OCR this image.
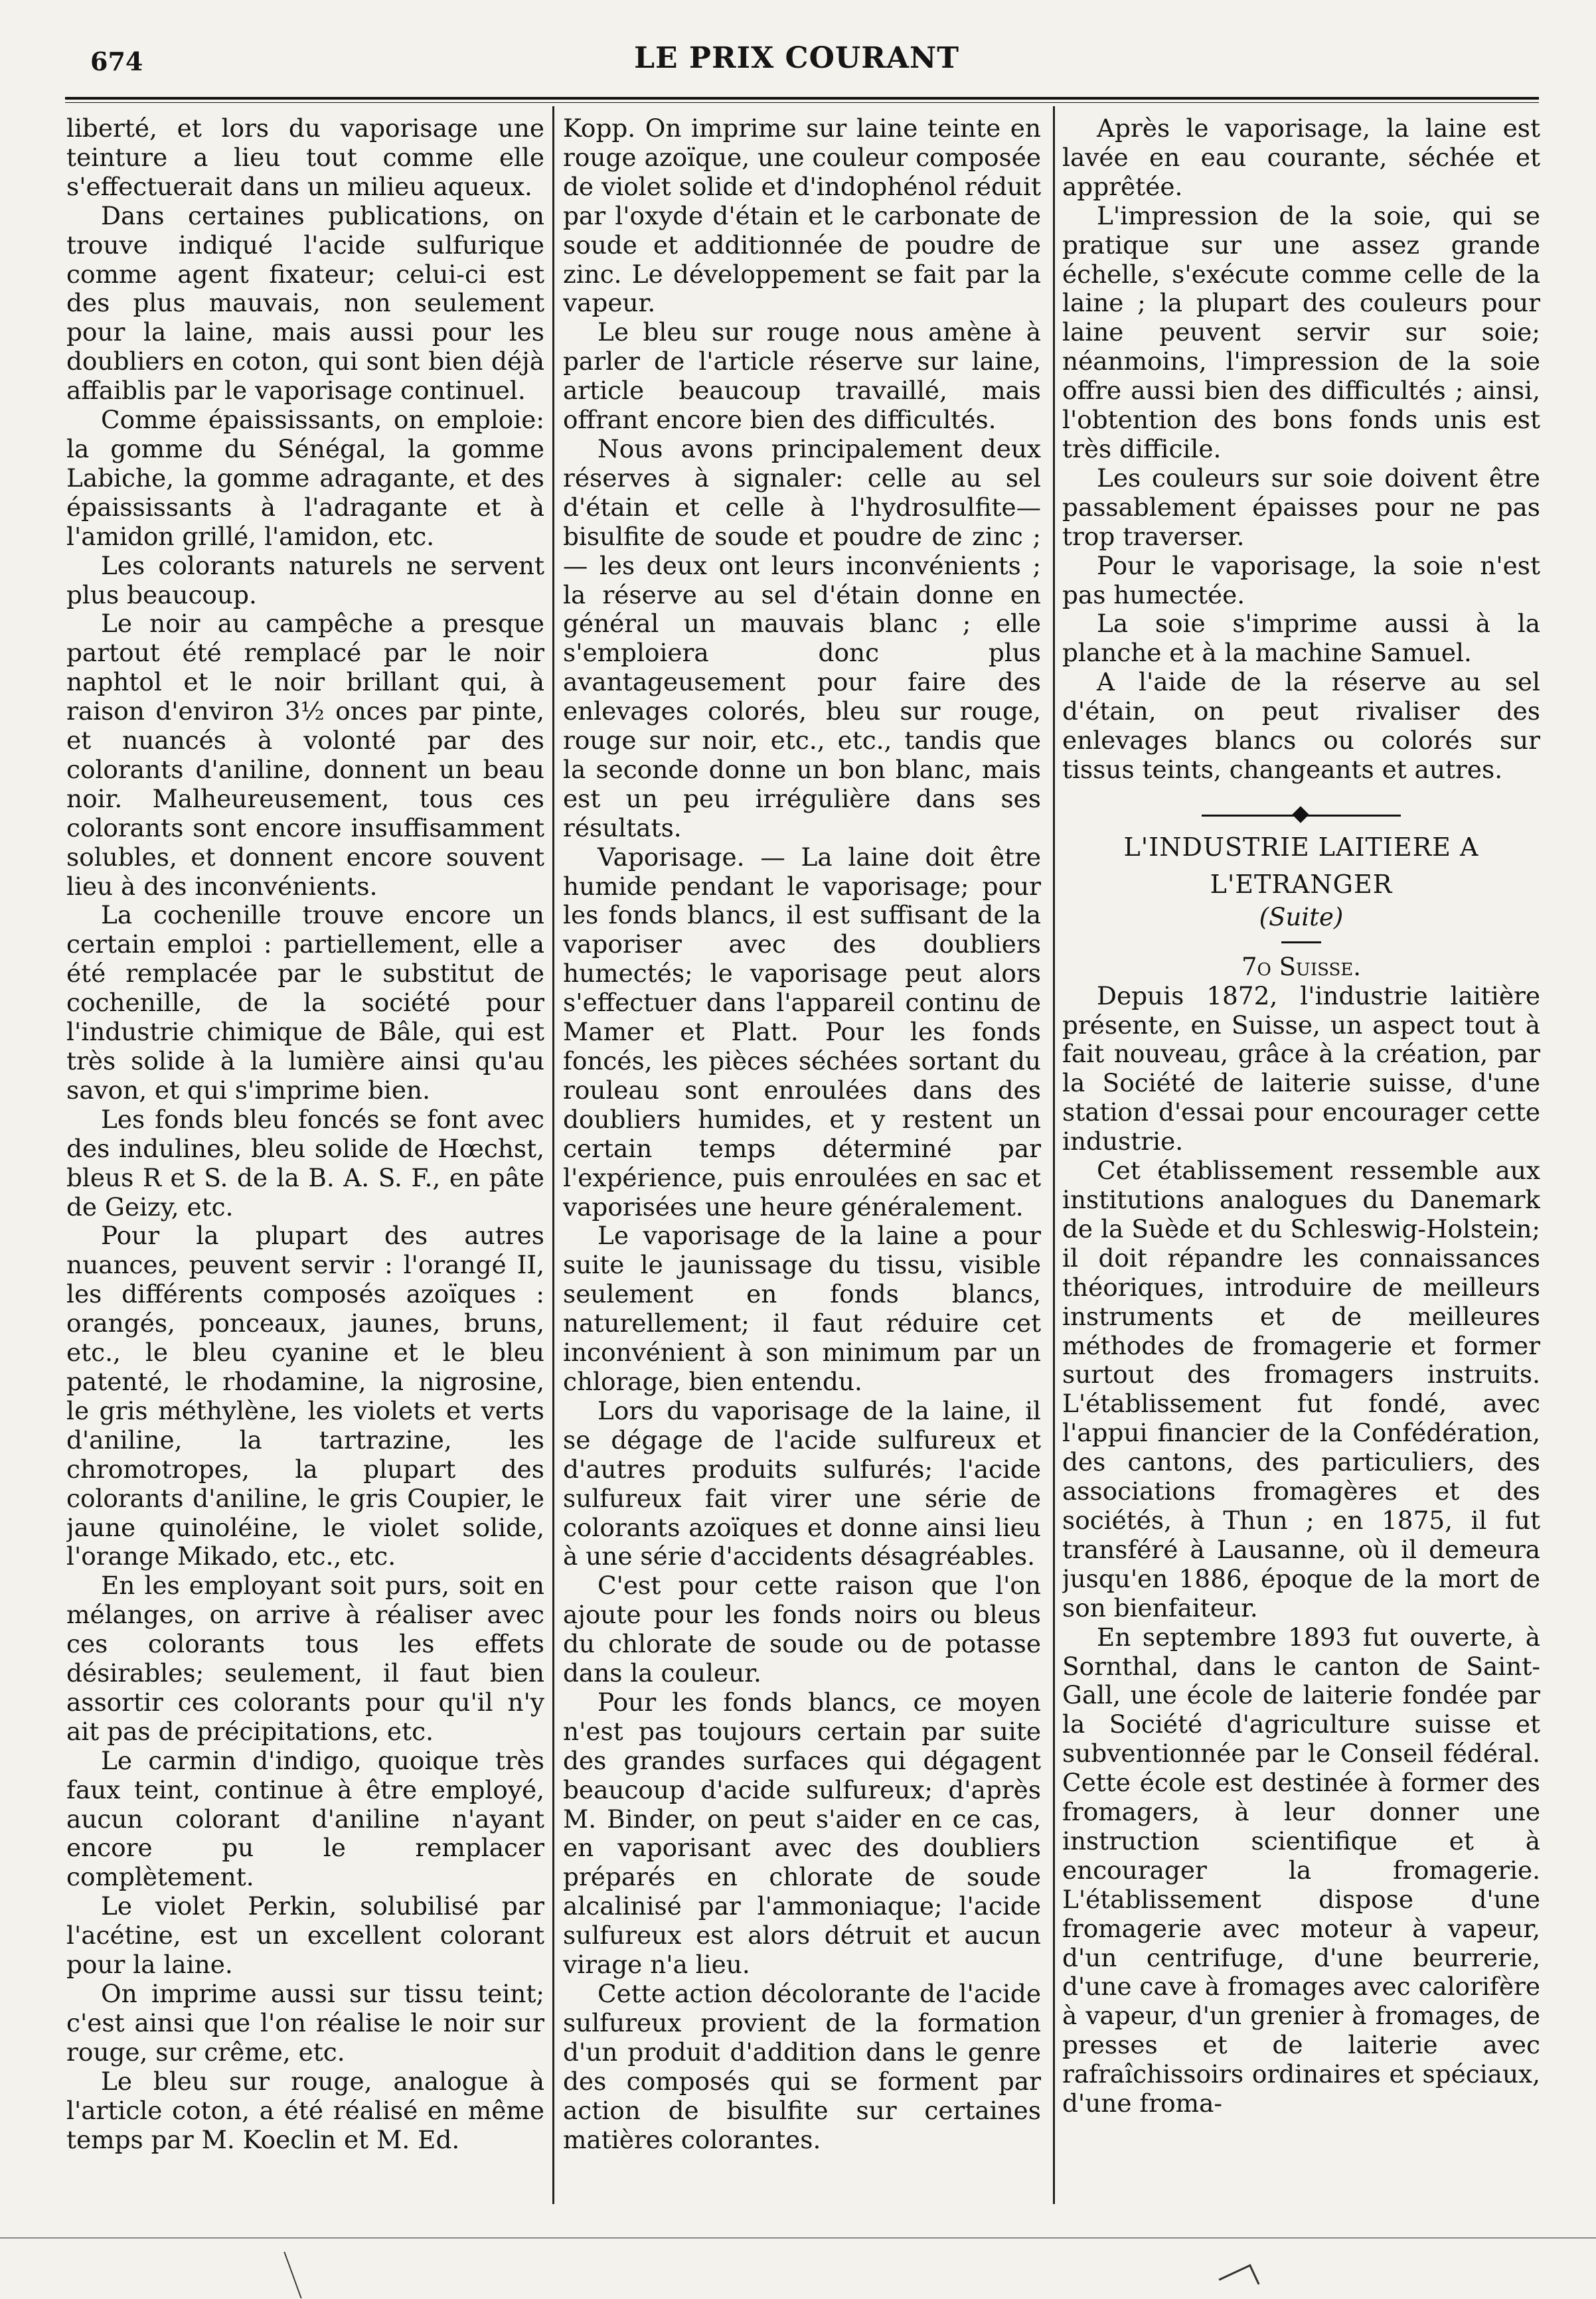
674	LE PRIX COURANT

liberté, et lors du vaporisage une teinture a lieu tout comme elle s'effectuerait dans un milieu aqueux.

Dans certaines publications, on trouve indiqué l'acide sulfurique comme agent fixateur; celui-ci est des plus mauvais, non seulement pour la laine, mais aussi pour les doubliers en coton, qui sont bien déjà affaiblis par le vaporisage continuel.

Comme épaississants, on emploie: la gomme du Sénégal, la gomme Labiche, la gomme adragante, et des épaississants à l'adragante et à l'amidon grillé, l'amidon, etc.

Les colorants naturels ne servent plus beaucoup.

Le noir au campêche a presque partout été remplacé par le noir naphtol et le noir brillant qui, à raison d'environ 3½ onces par pinte, et nuancés à volonté par des colorants d'aniline, donnent un beau noir. Malheureusement, tous ces colorants sont encore insuffisamment solubles, et donnent encore souvent lieu à des inconvénients.

La cochenille trouve encore un certain emploi : partiellement, elle a été remplacée par le substitut de cochenille, de la société pour l'industrie chimique de Bâle, qui est très solide à la lumière ainsi qu'au savon, et qui s'imprime bien.

Les fonds bleu foncés se font avec des indulines, bleu solide de Hœchst, bleus R et S. de la B. A. S. F., en pâte de Geizy, etc.

Pour la plupart des autres nuances, peuvent servir : l'orangé II, les différents composés azoïques : orangés, ponceaux, jaunes, bruns, etc., le bleu cyanine et le bleu patenté, le rhodamine, la nigrosine, le gris méthylène, les violets et verts d'aniline, la tartrazine, les chromotropes, la plupart des colorants d'aniline, le gris Coupier, le jaune quinoléine, le violet solide, l'orange Mikado, etc., etc.

En les employant soit purs, soit en mélanges, on arrive à réaliser avec ces colorants tous les effets désirables; seulement, il faut bien assortir ces colorants pour qu'il n'y ait pas de précipitations, etc.

Le carmin d'indigo, quoique très faux teint, continue à être employé, aucun colorant d'aniline n'ayant encore pu le remplacer complètement.

Le violet Perkin, solubilisé par l'acétine, est un excellent colorant pour la laine.

On imprime aussi sur tissu teint; c'est ainsi que l'on réalise le noir sur rouge, sur crême, etc.

Le bleu sur rouge, analogue à l'article coton, a été réalisé en même temps par M. Koeclin et M. Ed.

Kopp. On imprime sur laine teinte en rouge azoïque, une couleur composée de violet solide et d'indophénol réduit par l'oxyde d'étain et le carbonate de soude et additionnée de poudre de zinc. Le développement se fait par la vapeur.

Le bleu sur rouge nous amène à parler de l'article réserve sur laine, article beaucoup travaillé, mais offrant encore bien des difficultés.

Nous avons principalement deux réserves à signaler: celle au sel d'étain et celle à l'hydrosulfite—bisulfite de soude et poudre de zinc ;— les deux ont leurs inconvénients ; la réserve au sel d'étain donne en général un mauvais blanc ; elle s'emploiera donc plus avantageusement pour faire des enlevages colorés, bleu sur rouge, rouge sur noir, etc., etc., tandis que la seconde donne un bon blanc, mais est un peu irrégulière dans ses résultats.

Vaporisage. — La laine doit être humide pendant le vaporisage; pour les fonds blancs, il est suffisant de la vaporiser avec des doubliers humectés; le vaporisage peut alors s'effectuer dans l'appareil continu de Mamer et Platt. Pour les fonds foncés, les pièces séchées sortant du rouleau sont enroulées dans des doubliers humides, et y restent un certain temps déterminé par l'expérience, puis enroulées en sac et vaporisées une heure généralement.

Le vaporisage de la laine a pour suite le jaunissage du tissu, visible seulement en fonds blancs, naturellement; il faut réduire cet inconvénient à son minimum par un chlorage, bien entendu.

Lors du vaporisage de la laine, il se dégage de l'acide sulfureux et d'autres produits sulfurés; l'acide sulfureux fait virer une série de colorants azoïques et donne ainsi lieu à une série d'accidents désagréables.

C'est pour cette raison que l'on ajoute pour les fonds noirs ou bleus du chlorate de soude ou de potasse dans la couleur.

Pour les fonds blancs, ce moyen n'est pas toujours certain par suite des grandes surfaces qui dégagent beaucoup d'acide sulfureux; d'après M. Binder, on peut s'aider en ce cas, en vaporisant avec des doubliers préparés en chlorate de soude alcalinisé par l'ammoniaque; l'acide sulfureux est alors détruit et aucun virage n'a lieu.

Cette action décolorante de l'acide sulfureux provient de la formation d'un produit d'addition dans le genre des composés qui se forment par action de bisulfite sur certaines matières colorantes.

Après le vaporisage, la laine est lavée en eau courante, séchée et apprêtée.

L'impression de la soie, qui se pratique sur une assez grande échelle, s'exécute comme celle de la laine ; la plupart des couleurs pour laine peuvent servir sur soie; néanmoins, l'impression de la soie offre aussi bien des difficultés ; ainsi, l'obtention des bons fonds unis est très difficile.

Les couleurs sur soie doivent être passablement épaisses pour ne pas trop traverser.

Pour le vaporisage, la soie n'est pas humectée.

La soie s'imprime aussi à la planche et à la machine Samuel.

A l'aide de la réserve au sel d'étain, on peut rivaliser des enlevages blancs ou colorés sur tissus teints, changeants et autres.

L'INDUSTRIE LAITIERE A L'ETRANGER

(Suite)

7o Suisse.

Depuis 1872, l'industrie laitière présente, en Suisse, un aspect tout à fait nouveau, grâce à la création, par la Société de laiterie suisse, d'une station d'essai pour encourager cette industrie.

Cet établissement ressemble aux institutions analogues du Danemark de la Suède et du Schleswig-Holstein; il doit répandre les connaissances théoriques, introduire de meilleurs instruments et de meilleures méthodes de fromagerie et former surtout des fromagers instruits. L'établissement fut fondé, avec l'appui financier de la Confédération, des cantons, des particuliers, des associations fromagères et des sociétés, à Thun ; en 1875, il fut transféré à Lausanne, où il demeura jusqu'en 1886, époque de la mort de son bienfaiteur.

En septembre 1893 fut ouverte, à Sornthal, dans le canton de Saint-Gall, une école de laiterie fondée par la Société d'agriculture suisse et subventionnée par le Conseil fédéral. Cette école est destinée à former des fromagers, à leur donner une instruction scientifique et à encourager la fromagerie. L'établissement dispose d'une fromagerie avec moteur à vapeur, d'un centrifuge, d'une beurrerie, d'une cave à fromages avec calorifère à vapeur, d'un grenier à fromages, de presses et de laiterie avec rafraîchissoirs ordinaires et spéciaux, d'une froma-
